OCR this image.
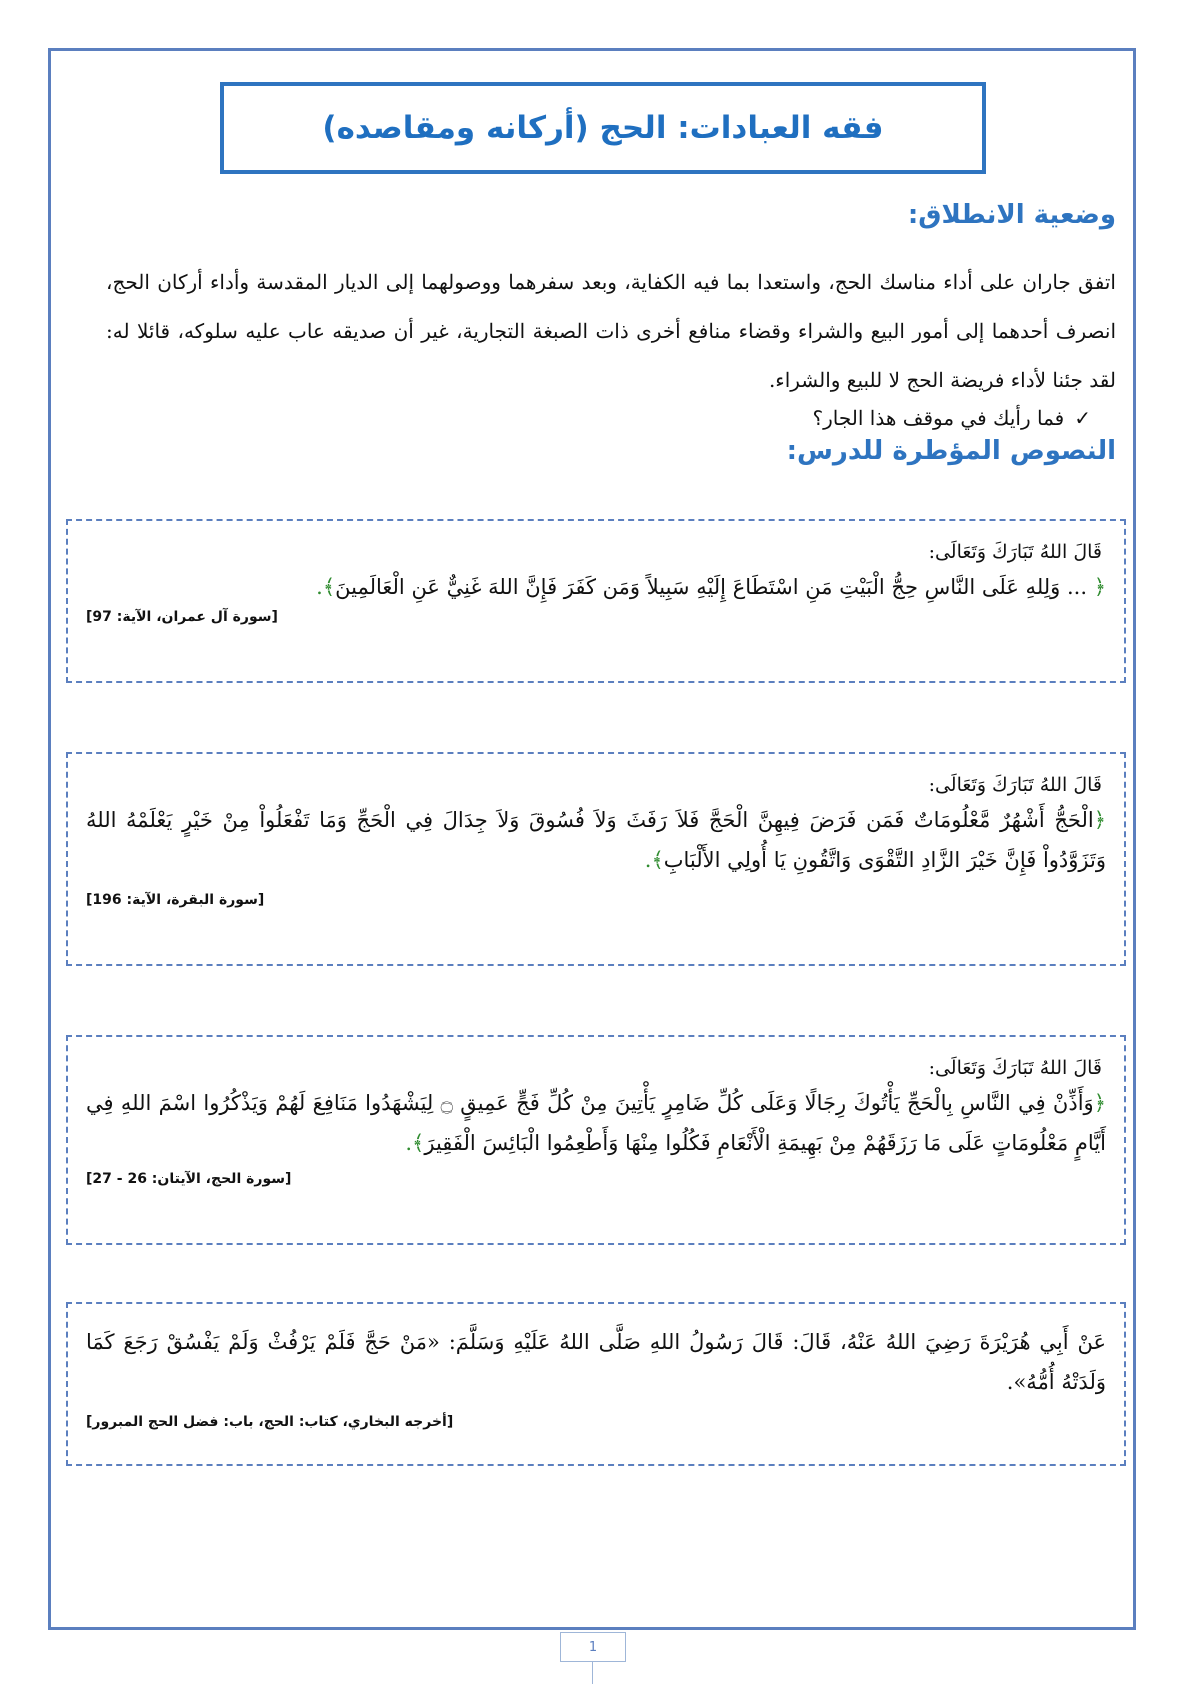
فقه العبادات: الحج (أركانه ومقاصده)
وضعية الانطلاق:

اتفق جاران على أداء مناسك الحج، واستعدا بما فيه الكفاية، وبعد سفرهما ووصولهما إلى الديار المقدسة وأداء أركان الحج، انصرف أحدهما إلى أمور البيع والشراء وقضاء منافع أخرى ذات الصبغة التجارية، غير أن صديقه عاب عليه سلوكه، قائلا له: لقد جئنا لأداء فريضة الحج لا للبيع والشراء.

✓
فما رأيك في موقف هذا الجار؟
النصوص المؤطرة للدرس:
قَالَ اللهُ تَبَارَكَ وَتَعَالَى:

﴿ ... وَلِلهِ عَلَى النَّاسِ حِجُّ الْبَيْتِ مَنِ اسْتَطَاعَ إِلَيْهِ سَبِيلاً وَمَن كَفَرَ فَإِنَّ اللهَ غَنِيٌّ عَنِ الْعَالَمِينَ﴾.

[سورة آل عمران، الآية: 97]
قَالَ اللهُ تَبَارَكَ وَتَعَالَى:

﴿الْحَجُّ أَشْهُرٌ مَّعْلُومَاتٌ فَمَن فَرَضَ فِيهِنَّ الْحَجَّ فَلاَ رَفَثَ وَلاَ فُسُوقَ وَلاَ جِدَالَ فِي الْحَجِّ وَمَا تَفْعَلُواْ مِنْ خَيْرٍ يَعْلَمْهُ اللهُ وَتَزَوَّدُواْ فَإِنَّ خَيْرَ الزَّادِ التَّقْوَى وَاتَّقُونِ يَا أُولِي الأَلْبَابِ﴾.

[سورة البقرة، الآية: 196]
قَالَ اللهُ تَبَارَكَ وَتَعَالَى:

﴿وَأَذِّنْ فِي النَّاسِ بِالْحَجِّ يَأْتُوكَ رِجَالًا وَعَلَى كُلِّ ضَامِرٍ يَأْتِينَ مِنْ كُلِّ فَجٍّ عَمِيقٍ ۝ لِيَشْهَدُوا مَنَافِعَ لَهُمْ وَيَذْكُرُوا اسْمَ اللهِ فِي أَيَّامٍ مَعْلُومَاتٍ عَلَى مَا رَزَقَهُمْ مِنْ بَهِيمَةِ الْأَنْعَامِ فَكُلُوا مِنْهَا وَأَطْعِمُوا الْبَائِسَ الْفَقِيرَ﴾.

[سورة الحج، الآيتان: 26 - 27]

عَنْ أَبِي هُرَيْرَةَ رَضِيَ اللهُ عَنْهُ، قَالَ: قَالَ رَسُولُ اللهِ صَلَّى اللهُ عَلَيْهِ وَسَلَّمَ: «مَنْ حَجَّ فَلَمْ يَرْفُثْ وَلَمْ يَفْسُقْ رَجَعَ كَمَا وَلَدَتْهُ أُمُّهُ».

[أخرجه البخاري، كتاب: الحج، باب: فضل الحج المبرور]
1
